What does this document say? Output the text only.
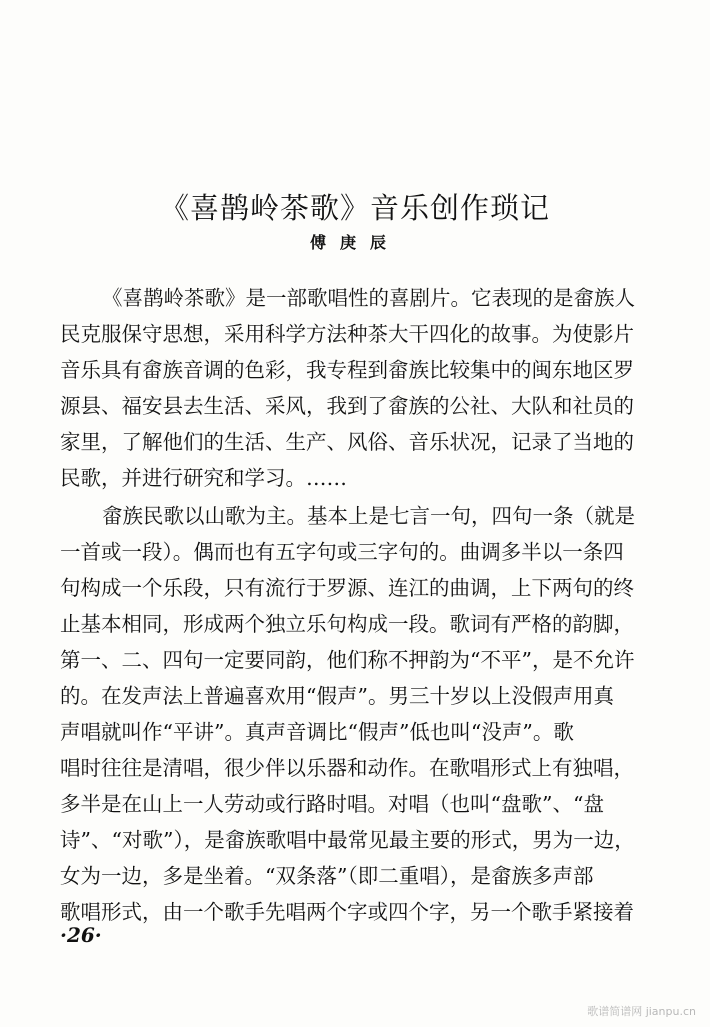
《喜鹊岭茶歌》音乐创作琐记
傅庚辰
《喜鹊岭茶歌》是一部歌唱性的喜剧片。它表现的是畲族人
民克服保守思想，采用科学方法种茶大干四化的故事。为使影片
音乐具有畲族音调的色彩，我专程到畲族比较集中的闽东地区罗
源县、福安县去生活、采风，我到了畲族的公社、大队和社员的
家里，了解他们的生活、生产、风俗、音乐状况，记录了当地的
民歌，并进行研究和学习。……
畲族民歌以山歌为主。基本上是七言一句，四句一条（就是
一首或一段）。偶而也有五字句或三字句的。曲调多半以一条四
句构成一个乐段，只有流行于罗源、连江的曲调，上下两句的终
止基本相同，形成两个独立乐句构成一段。歌词有严格的韵脚，
第一、二、四句一定要同韵，他们称不押韵为“不平”，是不允许
的。在发声法上普遍喜欢用“假声”。男三十岁以上没假声用真
声唱就叫作“平讲”。真声音调比“假声”低也叫“没声”。歌
唱时往往是清唱，很少伴以乐器和动作。在歌唱形式上有独唱，
多半是在山上一人劳动或行路时唱。对唱（也叫“盘歌”、“盘
诗”、“对歌”），是畲族歌唱中最常见最主要的形式，男为一边，
女为一边，多是坐着。“双条落”（即二重唱），是畲族多声部
歌唱形式，由一个歌手先唱两个字或四个字，另一个歌手紧接着
·26·
歌谱简谱网 jianpu.cn
